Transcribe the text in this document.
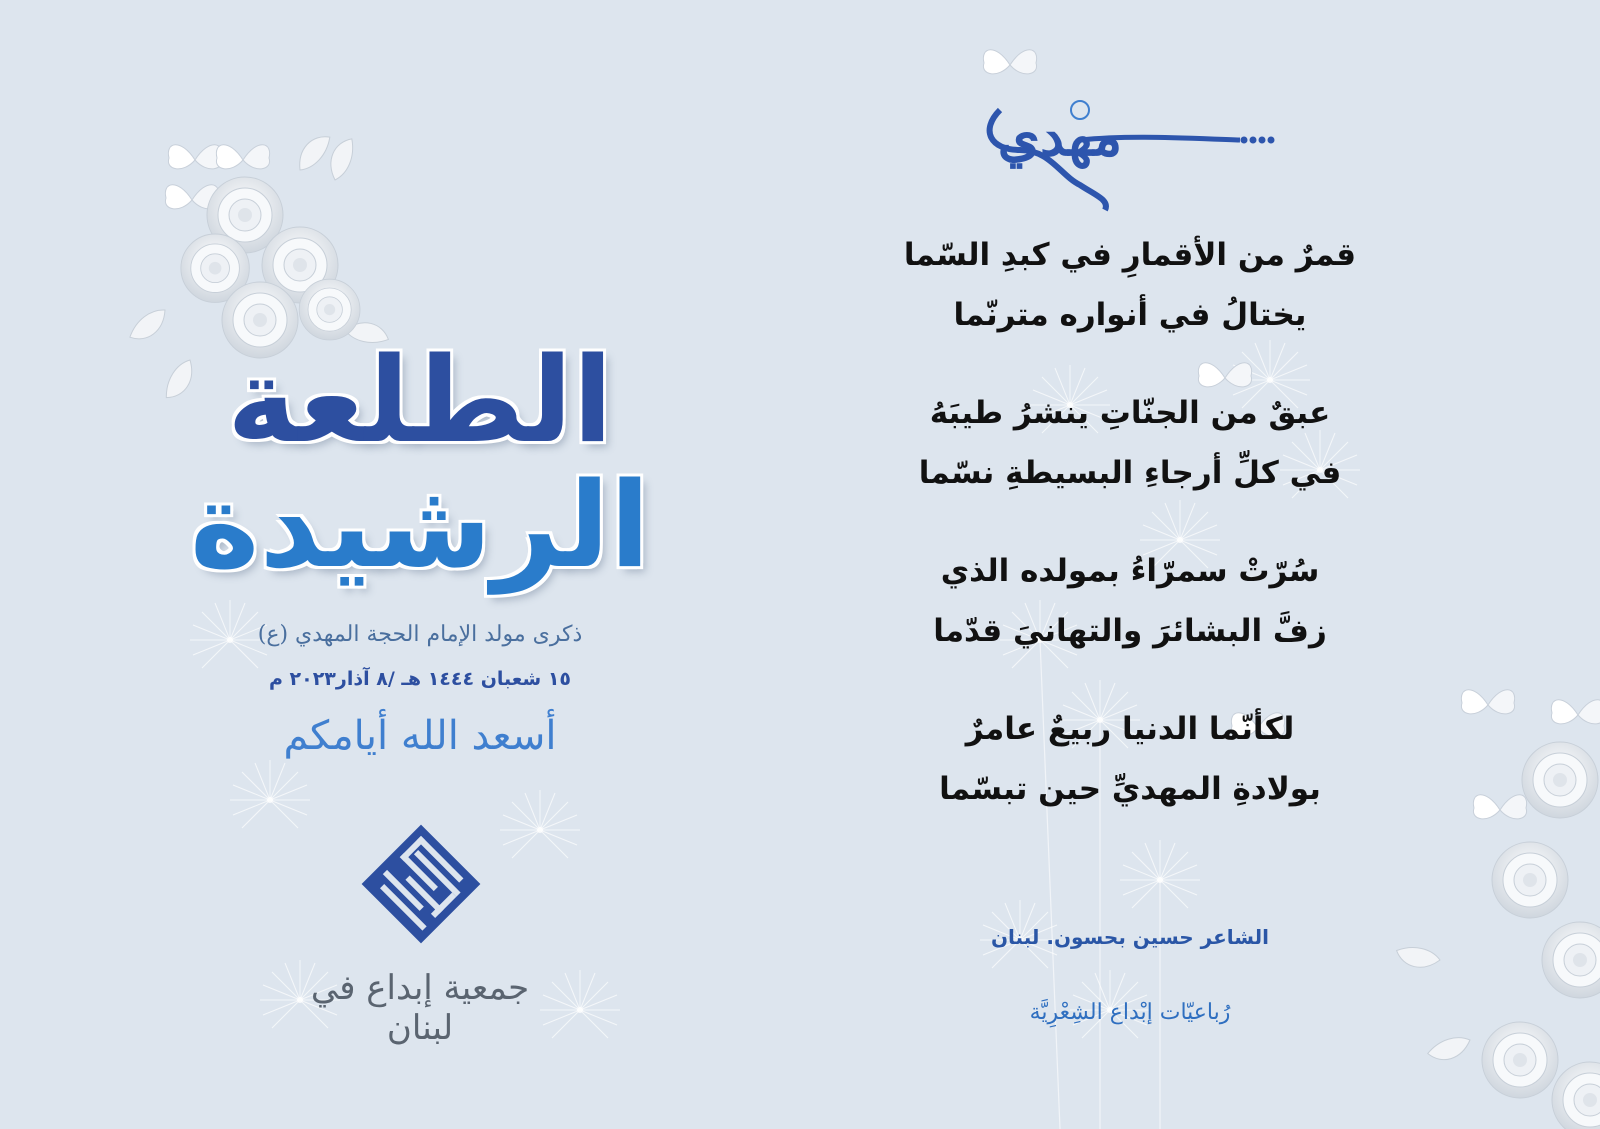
مهدي
قمرٌ من الأقمارِ في كبدِ السّما
يختالُ في أنواره مترنّما
عبقٌ من الجنّاتِ ينشرُ طيبَهُ
في كلِّ أرجاءِ البسيطةِ نسّما
سُرّتْ سمرّاءُ بمولده الذي
زفَّ البشائرَ والتهانيَ قدّما
لكأنّما الدنيا ربيعٌ عامرٌ
بولادةِ المهديِّ حين تبسّما
الشاعر حسين بحسون. لبنان
رُباعيّات إبْداع الشِعْرِيَّة
الطلعة
الرشيدة
ذكرى مولد الإمام الحجة المهدي (ع)
١٥ شعبان ١٤٤٤ هـ /٨ آذار٢٠٢٣ م
أسعد الله أيامكم
جمعية إبداع في لبنان
